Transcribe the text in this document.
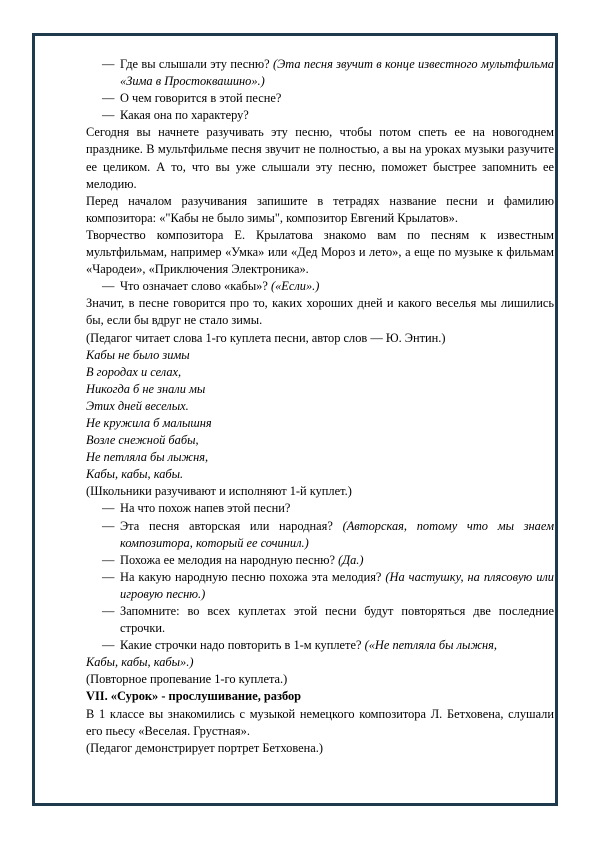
— Где вы слышали эту песню? (Эта песня звучит в конце известного мультфильма «Зима в Простоквашино».)

— О чем говорится в этой песне?

— Какая она по характеру?

Сегодня вы начнете разучивать эту песню, чтобы потом спеть ее на новогоднем празднике. В мультфильме песня звучит не полностью, а вы на уроках музыки разучите ее целиком. А то, что вы уже слышали эту песню, поможет быстрее запомнить ее мелодию.

Перед началом разучивания запишите в тетрадях название песни и фамилию композитора: «"Кабы не было зимы", композитор Евгений Крылатов».

Творчество композитора Е. Крылатова знакомо вам по песням к известным мультфильмам, например «Умка» или «Дед Мороз и лето», а еще по музыке к фильмам «Чародеи», «Приключения Электроника».

— Что означает слово «кабы»? («Если».)

Значит, в песне говорится про то, каких хороших дней и какого веселья мы лишились бы, если бы вдруг не стало зимы.

(Педагог читает слова 1-го куплета песни, автор слов — Ю. Энтин.)

Кабы не было зимы

В городах и селах,

Никогда б не знали мы

Этих дней веселых.

Не кружила б малышня

Возле снежной бабы,

Не петляла бы лыжня,

Кабы, кабы, кабы.

(Школьники разучивают и исполняют 1-й куплет.)

— На что похож напев этой песни?

— Эта песня авторская или народная? (Авторская, потому что мы знаем композитора, который ее сочинил.)

— Похожа ее мелодия на народную песню? (Да.)

— На какую народную песню похожа эта мелодия? (На частушку, на плясовую или игровую песню.)

— Запомните: во всех куплетах этой песни будут повторяться две последние строчки.

— Какие строчки надо повторить в 1-м куплете? («Не петляла бы лыжня,

Кабы, кабы, кабы».)

(Повторное пропевание 1-го куплета.)

VII. «Сурок» - прослушивание, разбор

В 1 классе вы знакомились с музыкой немецкого композитора Л. Бетховена, слушали его пьесу «Веселая. Грустная».

(Педагог демонстрирует портрет Бетховена.)
